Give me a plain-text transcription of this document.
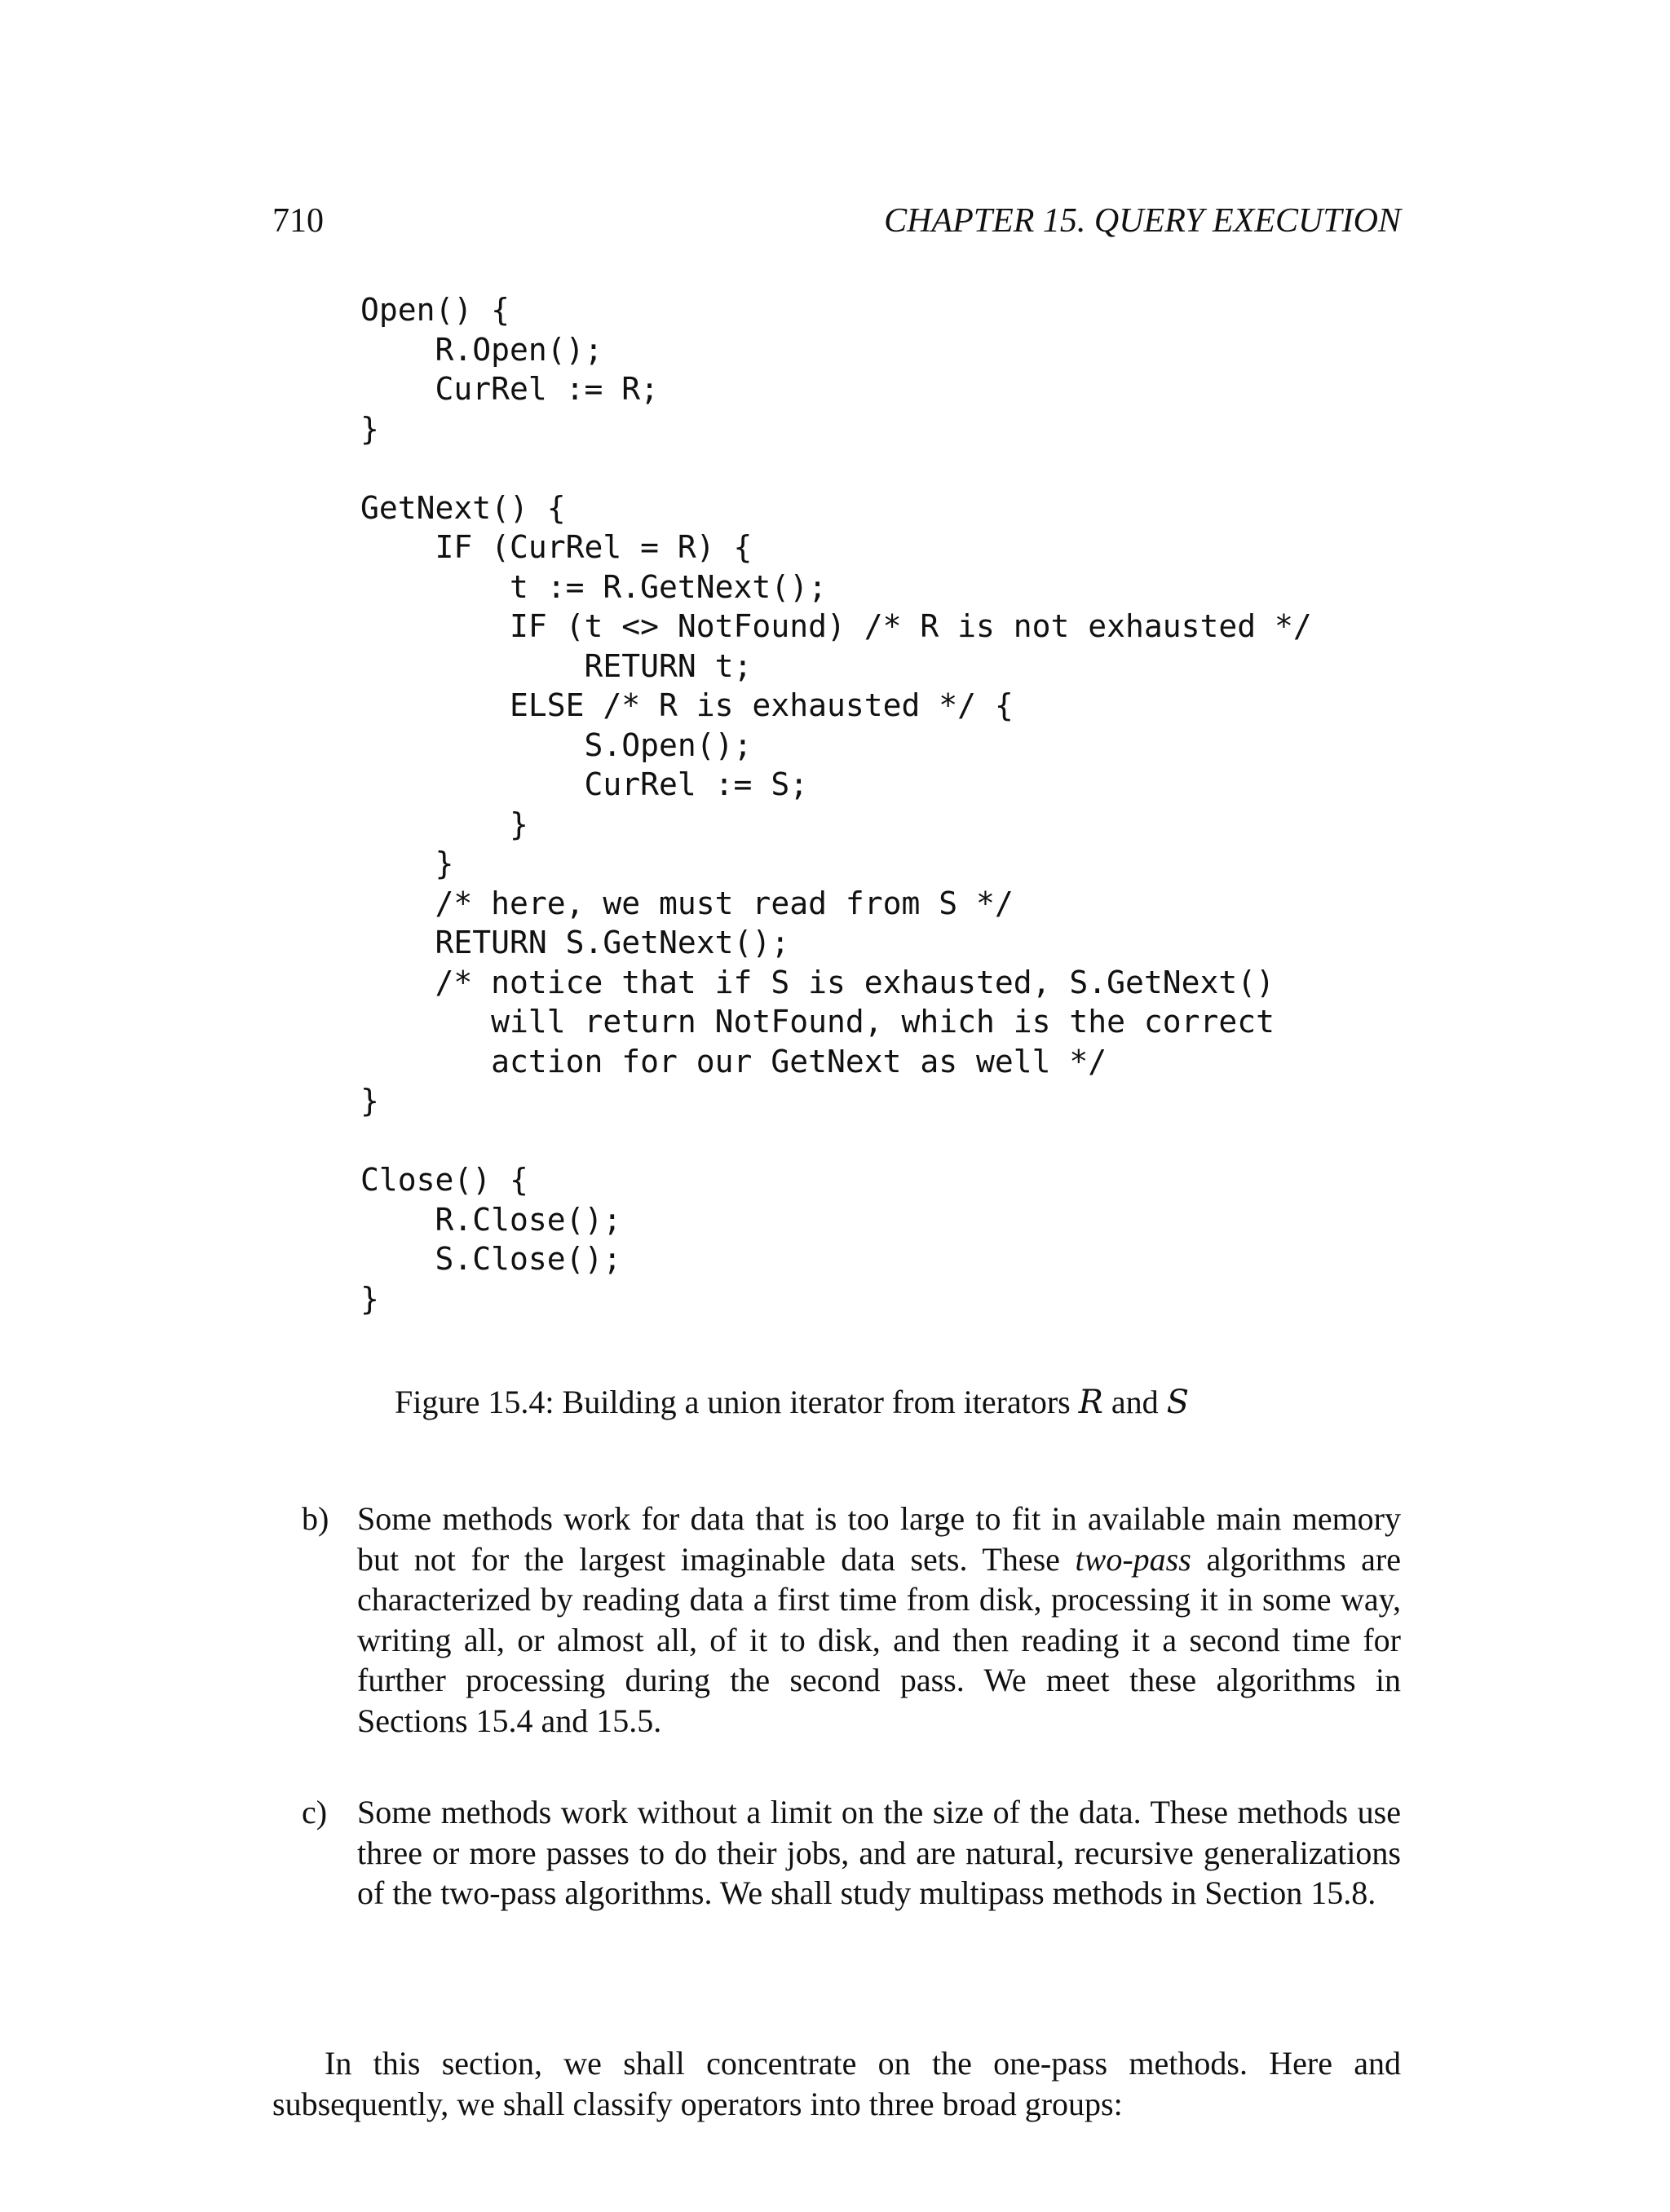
710	CHAPTER 15. QUERY EXECUTION
Open() {
R.Open();
CurRel := R;
}
GetNext() {
IF (CurRel = R) {
t := R.GetNext();
IF (t <> NotFound) /* R is not exhausted */
RETURN t;
ELSE /* R is exhausted */ {
S.Open();
CurRel := S;
}
}
/* here, we must read from S */
RETURN S.GetNext();
/* notice that if S is exhausted, S.GetNext()
will return NotFound, which is the correct
action for our GetNext as well */
}
Close() {
R.Close();
S.Close();
}
Figure 15.4: Building a union iterator from iterators R and S
b) Some methods work for data that is too large to fit in available main memory but not for the largest imaginable data sets. These two-pass algorithms are characterized by reading data a first time from disk, processing it in some way, writing all, or almost all, of it to disk, and then reading it a second time for further processing during the second pass. We meet these algorithms in Sections 15.4 and 15.5.
c) Some methods work without a limit on the size of the data. These methods use three or more passes to do their jobs, and are natural, recursive generalizations of the two-pass algorithms. We shall study multipass methods in Section 15.8.

In this section, we shall concentrate on the one-pass methods. Here and subsequently, we shall classify operators into three broad groups:
